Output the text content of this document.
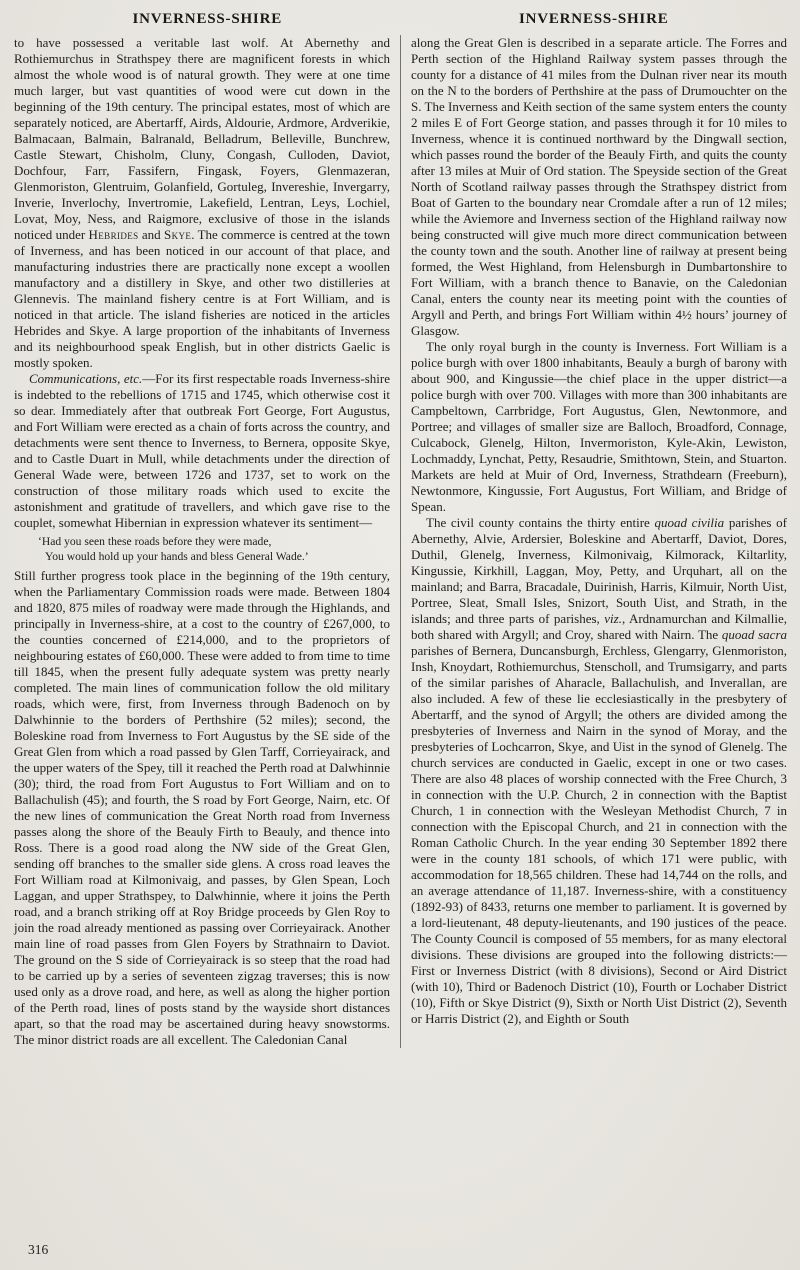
INVERNESS-SHIRE	INVERNESS-SHIRE

to have possessed a veritable last wolf. At Abernethy and Rothiemurchus in Strathspey there are magnificent forests in which almost the whole wood is of natural growth. They were at one time much larger, but vast quantities of wood were cut down in the beginning of the 19th century. The principal estates, most of which are separately noticed, are Abertarff, Airds, Aldourie, Ardmore, Ardverikie, Balmacaan, Balmain, Balranald, Belladrum, Belleville, Bunchrew, Castle Stewart, Chisholm, Cluny, Congash, Culloden, Daviot, Dochfour, Farr, Fassifern, Fingask, Foyers, Glenmazeran, Glenmoriston, Glentruim, Golanfield, Gortuleg, Invereshie, Invergarry, Inverie, Inverlochy, Invertromie, Lakefield, Lentran, Leys, Lochiel, Lovat, Moy, Ness, and Raigmore, exclusive of those in the islands noticed under Hebrides and Skye. The commerce is centred at the town of Inverness, and has been noticed in our account of that place, and manufacturing industries there are practically none except a woollen manufactory and a distillery in Skye, and other two distilleries at Glennevis. The mainland fishery centre is at Fort William, and is noticed in that article. The island fisheries are noticed in the articles Hebrides and Skye. A large proportion of the inhabitants of Inverness and its neighbourhood speak English, but in other districts Gaelic is mostly spoken.

Communications, etc.—For its first respectable roads Inverness-shire is indebted to the rebellions of 1715 and 1745, which otherwise cost it so dear. Immediately after that outbreak Fort George, Fort Augustus, and Fort William were erected as a chain of forts across the country, and detachments were sent thence to Inverness, to Bernera, opposite Skye, and to Castle Duart in Mull, while detachments under the direction of General Wade were, between 1726 and 1737, set to work on the construction of those military roads which used to excite the astonishment and gratitude of travellers, and which gave rise to the couplet, somewhat Hibernian in expression whatever its sentiment—

‘Had you seen these roads before they were made,
You would hold up your hands and bless General Wade.’

Still further progress took place in the beginning of the 19th century, when the Parliamentary Commission roads were made. Between 1804 and 1820, 875 miles of roadway were made through the Highlands, and principally in Inverness-shire, at a cost to the country of £267,000, to the counties concerned of £214,000, and to the proprietors of neighbouring estates of £60,000. These were added to from time to time till 1845, when the present fully adequate system was pretty nearly completed. The main lines of communication follow the old military roads, which were, first, from Inverness through Badenoch on by Dalwhinnie to the borders of Perthshire (52 miles); second, the Boleskine road from Inverness to Fort Augustus by the SE side of the Great Glen from which a road passed by Glen Tarff, Corrieyairack, and the upper waters of the Spey, till it reached the Perth road at Dalwhinnie (30); third, the road from Fort Augustus to Fort William and on to Ballachulish (45); and fourth, the S road by Fort George, Nairn, etc. Of the new lines of communication the Great North road from Inverness passes along the shore of the Beauly Firth to Beauly, and thence into Ross. There is a good road along the NW side of the Great Glen, sending off branches to the smaller side glens. A cross road leaves the Fort William road at Kilmonivaig, and passes, by Glen Spean, Loch Laggan, and upper Strathspey, to Dalwhinnie, where it joins the Perth road, and a branch striking off at Roy Bridge proceeds by Glen Roy to join the road already mentioned as passing over Corrieyairack. Another main line of road passes from Glen Foyers by Strathnairn to Daviot. The ground on the S side of Corrieyairack is so steep that the road had to be carried up by a series of seventeen zigzag traverses; this is now used only as a drove road, and here, as well as along the higher portion of the Perth road, lines of posts stand by the wayside short distances apart, so that the road may be ascertained during heavy snowstorms. The minor district roads are all excellent. The Caledonian Canal

along the Great Glen is described in a separate article. The Forres and Perth section of the Highland Railway system passes through the county for a distance of 41 miles from the Dulnan river near its mouth on the N to the borders of Perthshire at the pass of Drumouchter on the S. The Inverness and Keith section of the same system enters the county 2 miles E of Fort George station, and passes through it for 10 miles to Inverness, whence it is continued northward by the Dingwall section, which passes round the border of the Beauly Firth, and quits the county after 13 miles at Muir of Ord station. The Speyside section of the Great North of Scotland railway passes through the Strathspey district from Boat of Garten to the boundary near Cromdale after a run of 12 miles; while the Aviemore and Inverness section of the Highland railway now being constructed will give much more direct communication between the county town and the south. Another line of railway at present being formed, the West Highland, from Helensburgh in Dumbartonshire to Fort William, with a branch thence to Banavie, on the Caledonian Canal, enters the county near its meeting point with the counties of Argyll and Perth, and brings Fort William within 4½ hours’ journey of Glasgow.

The only royal burgh in the county is Inverness. Fort William is a police burgh with over 1800 inhabitants, Beauly a burgh of barony with about 900, and Kingussie—the chief place in the upper district—a police burgh with over 700. Villages with more than 300 inhabitants are Campbeltown, Carrbridge, Fort Augustus, Glen, Newtonmore, and Portree; and villages of smaller size are Balloch, Broadford, Connage, Culcabock, Glenelg, Hilton, Invermoriston, Kyle-Akin, Lewiston, Lochmaddy, Lynchat, Petty, Resaudrie, Smithtown, Stein, and Stuarton. Markets are held at Muir of Ord, Inverness, Strathdearn (Freeburn), Newtonmore, Kingussie, Fort Augustus, Fort William, and Bridge of Spean.

The civil county contains the thirty entire quoad civilia parishes of Abernethy, Alvie, Ardersier, Boleskine and Abertarff, Daviot, Dores, Duthil, Glenelg, Inverness, Kilmonivaig, Kilmorack, Kiltarlity, Kingussie, Kirkhill, Laggan, Moy, Petty, and Urquhart, all on the mainland; and Barra, Bracadale, Duirinish, Harris, Kilmuir, North Uist, Portree, Sleat, Small Isles, Snizort, South Uist, and Strath, in the islands; and three parts of parishes, viz., Ardnamurchan and Kilmallie, both shared with Argyll; and Croy, shared with Nairn. The quoad sacra parishes of Bernera, Duncansburgh, Erchless, Glengarry, Glenmoriston, Insh, Knoydart, Rothiemurchus, Stenscholl, and Trumsigarry, and parts of the similar parishes of Aharacle, Ballachulish, and Inverallan, are also included. A few of these lie ecclesiastically in the presbytery of Abertarff, and the synod of Argyll; the others are divided among the presbyteries of Inverness and Nairn in the synod of Moray, and the presbyteries of Lochcarron, Skye, and Uist in the synod of Glenelg. The church services are conducted in Gaelic, except in one or two cases. There are also 48 places of worship connected with the Free Church, 3 in connection with the U.P. Church, 2 in connection with the Baptist Church, 1 in connection with the Wesleyan Methodist Church, 7 in connection with the Episcopal Church, and 21 in connection with the Roman Catholic Church. In the year ending 30 September 1892 there were in the county 181 schools, of which 171 were public, with accommodation for 18,565 children. These had 14,744 on the rolls, and an average attendance of 11,187. Inverness-shire, with a constituency (1892-93) of 8433, returns one member to parliament. It is governed by a lord-lieutenant, 48 deputy-lieutenants, and 190 justices of the peace. The County Council is composed of 55 members, for as many electoral divisions. These divisions are grouped into the following districts:—First or Inverness District (with 8 divisions), Second or Aird District (with 10), Third or Badenoch District (10), Fourth or Lochaber District (10), Fifth or Skye District (9), Sixth or North Uist District (2), Seventh or Harris District (2), and Eighth or South

316
